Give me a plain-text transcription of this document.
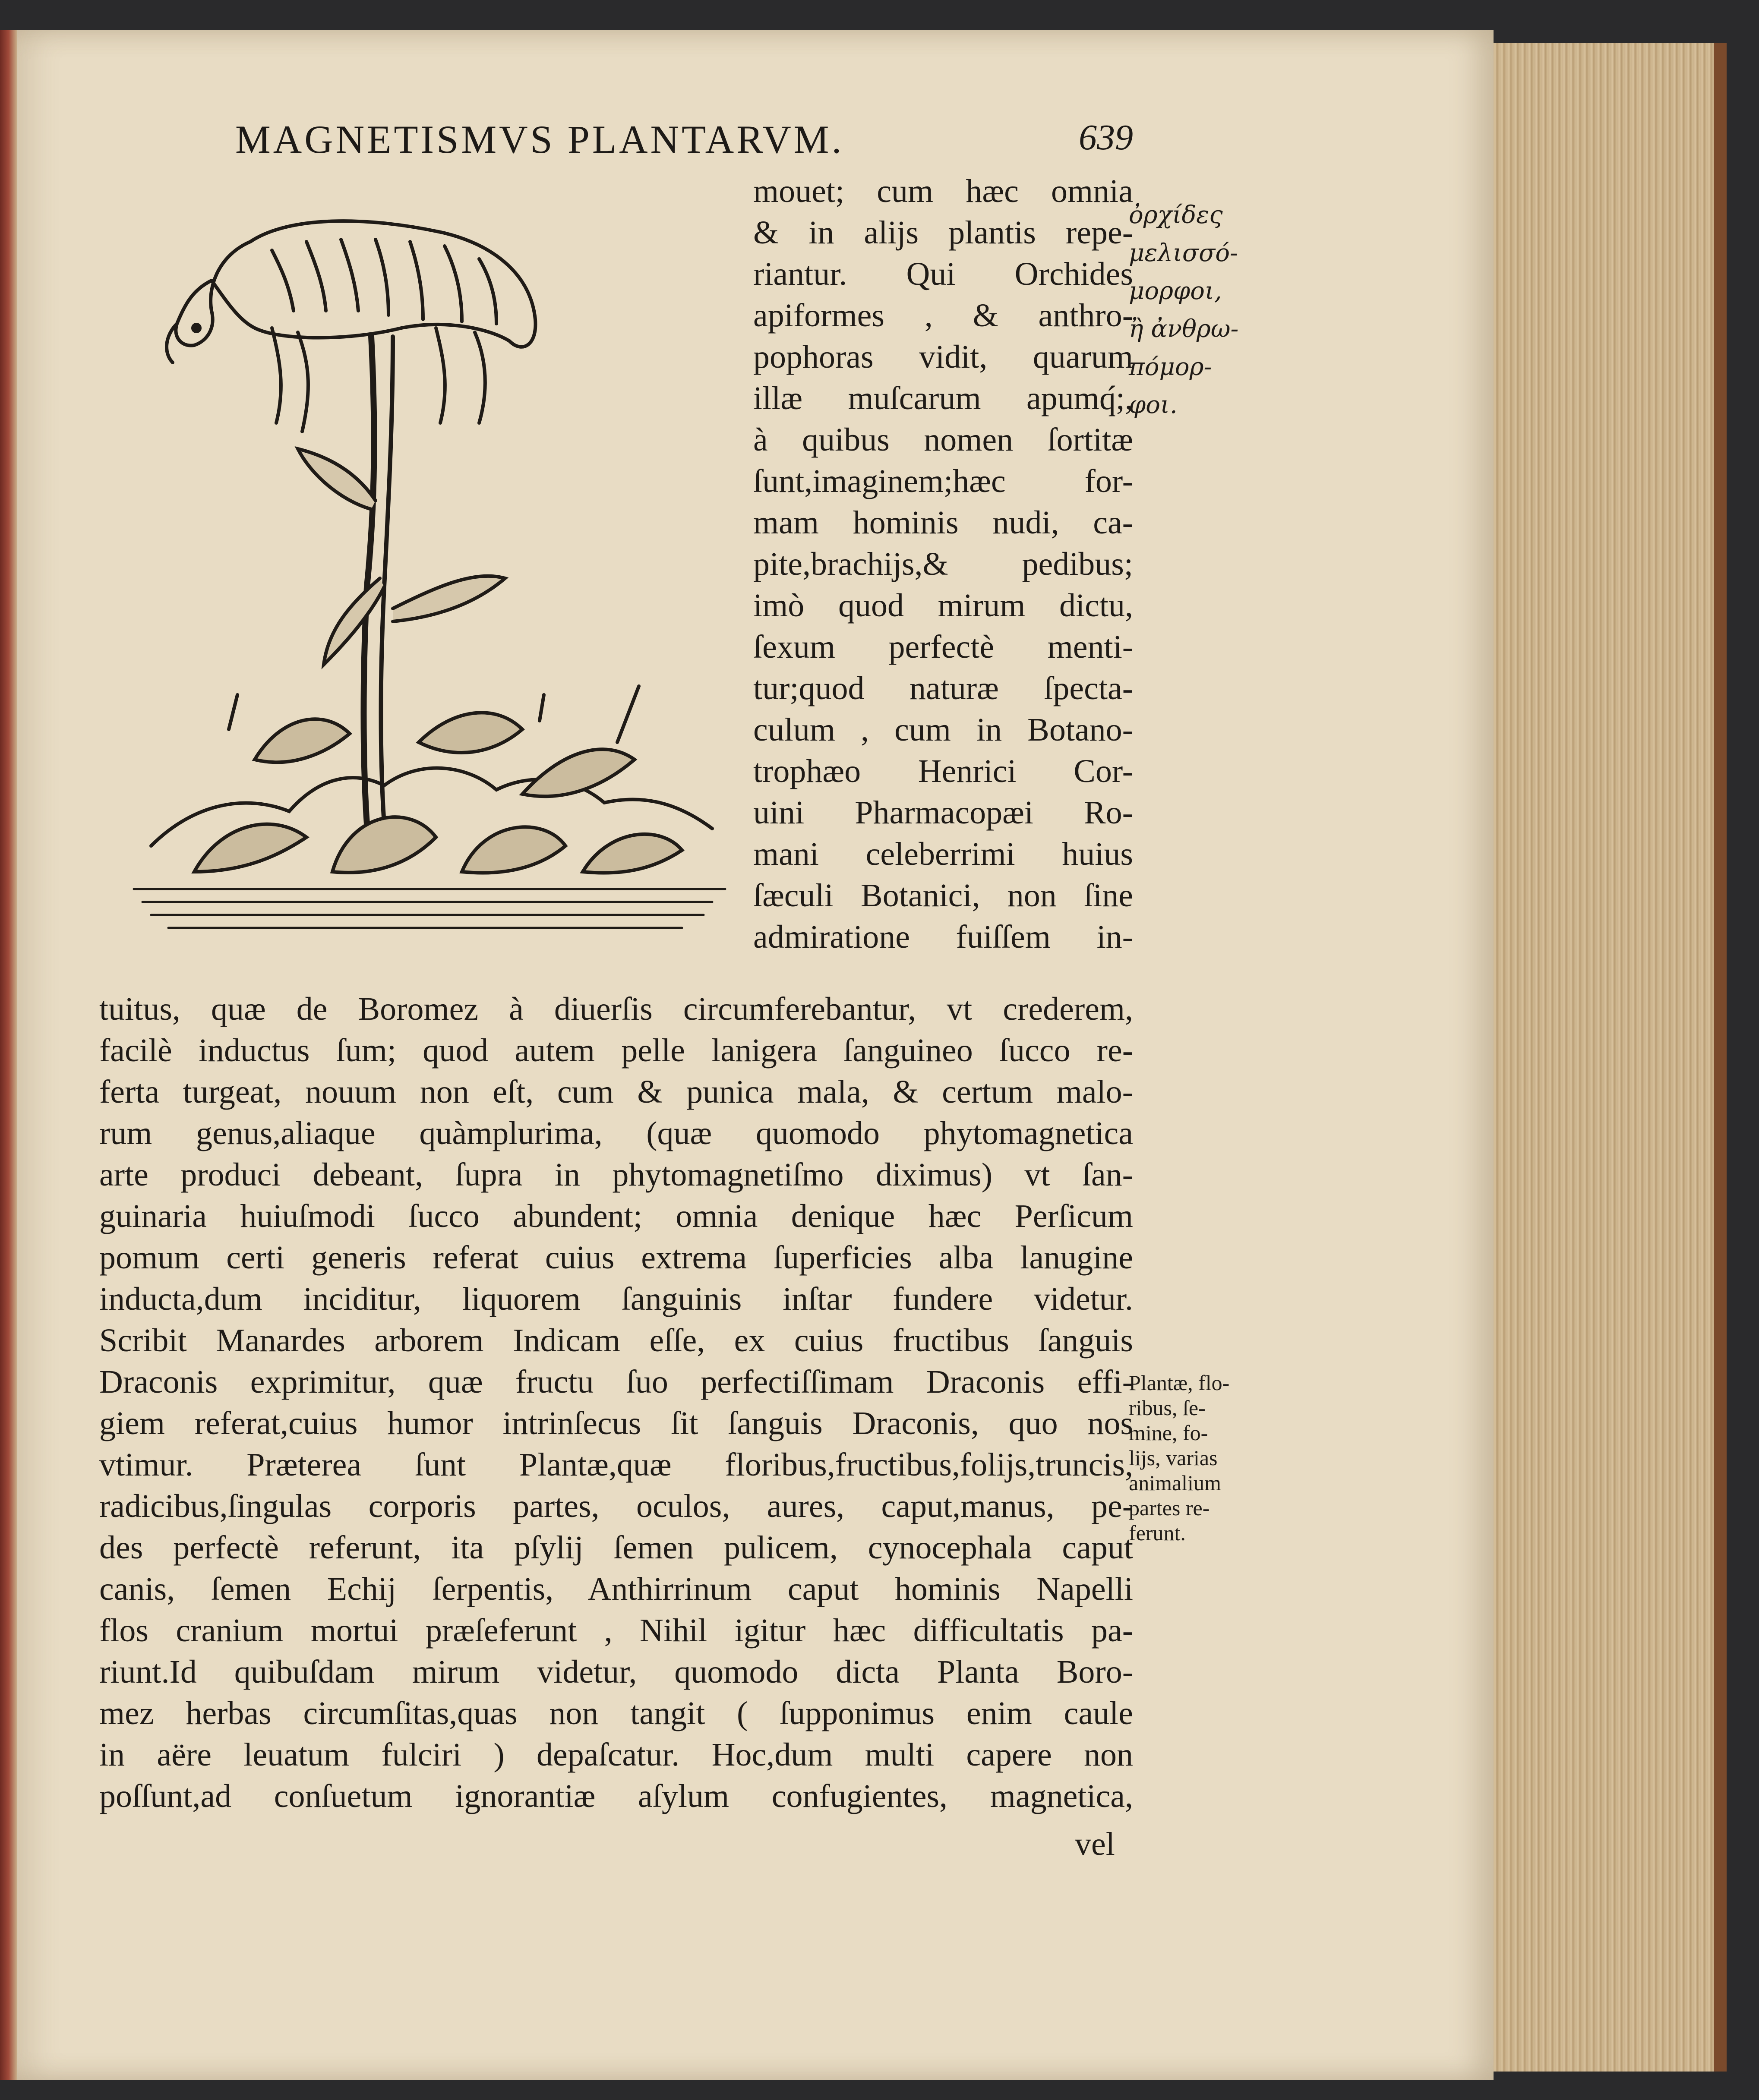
MAGNETISMVS PLANTARVM.	639
mouet; cum hæc omnia
& in alijs plantis repe-
riantur. Qui Orchides
apiformes , & anthro-
pophoras vidit, quarum
illæ muſcarum apumq́;,
à quibus nomen ſortitæ
ſunt,imaginem;hæc for-
mam hominis nudi, ca-
pite,brachijs,& pedibus;
imò quod mirum dictu,
ſexum perfectè menti-
tur;quod naturæ ſpecta-
culum , cum in Botano-
trophæo Henrici Cor-
uini Pharmacopæi Ro-
mani celeberrimi huius
ſæculi Botanici, non ſine
admiratione fuiſſem in-
ὀρχίδες
μελισσό-
μορφοι,
ἢ ἀνθρω-
πόμορ-
φοι.
tuitus, quæ de Boromez à diuerſis circumferebantur, vt crederem,
facilè inductus ſum; quod autem pelle lanigera ſanguineo ſucco re-
ferta turgeat, nouum non eſt, cum & punica mala, & certum malo-
rum genus,aliaque quàmplurima, (quæ quomodo phytomagnetica
arte produci debeant, ſupra in phytomagnetiſmo diximus) vt ſan-
guinaria huiuſmodi ſucco abundent; omnia denique hæc Perſicum
pomum certi generis referat cuius extrema ſuperficies alba lanugine
inducta,dum inciditur, liquorem ſanguinis inſtar fundere videtur.
Scribit Manardes arborem Indicam eſſe, ex cuius fructibus ſanguis
Draconis exprimitur, quæ fructu ſuo perfectiſſimam Draconis effi-
giem referat,cuius humor intrinſecus ſit ſanguis Draconis, quo nos
vtimur. Præterea ſunt Plantæ,quæ floribus,fructibus,folijs,truncis,
radicibus,ſingulas corporis partes, oculos, aures, caput,manus, pe-
des perfectè referunt, ita pſylij ſemen pulicem, cynocephala caput
canis, ſemen Echij ſerpentis, Anthirrinum caput hominis Napelli
flos cranium mortui præſeferunt , Nihil igitur hæc difficultatis pa-
riunt.Id quibuſdam mirum videtur, quomodo dicta Planta Boro-
mez herbas circumſitas,quas non tangit ( ſupponimus enim caule
in aëre leuatum fulciri ) depaſcatur. Hoc,dum multi capere non
poſſunt,ad conſuetum ignorantiæ aſylum confugientes, magnetica,
Plantæ, flo-
ribus, ſe-
mine, fo-
lijs, varias
animalium
partes re-
ferunt.
vel
